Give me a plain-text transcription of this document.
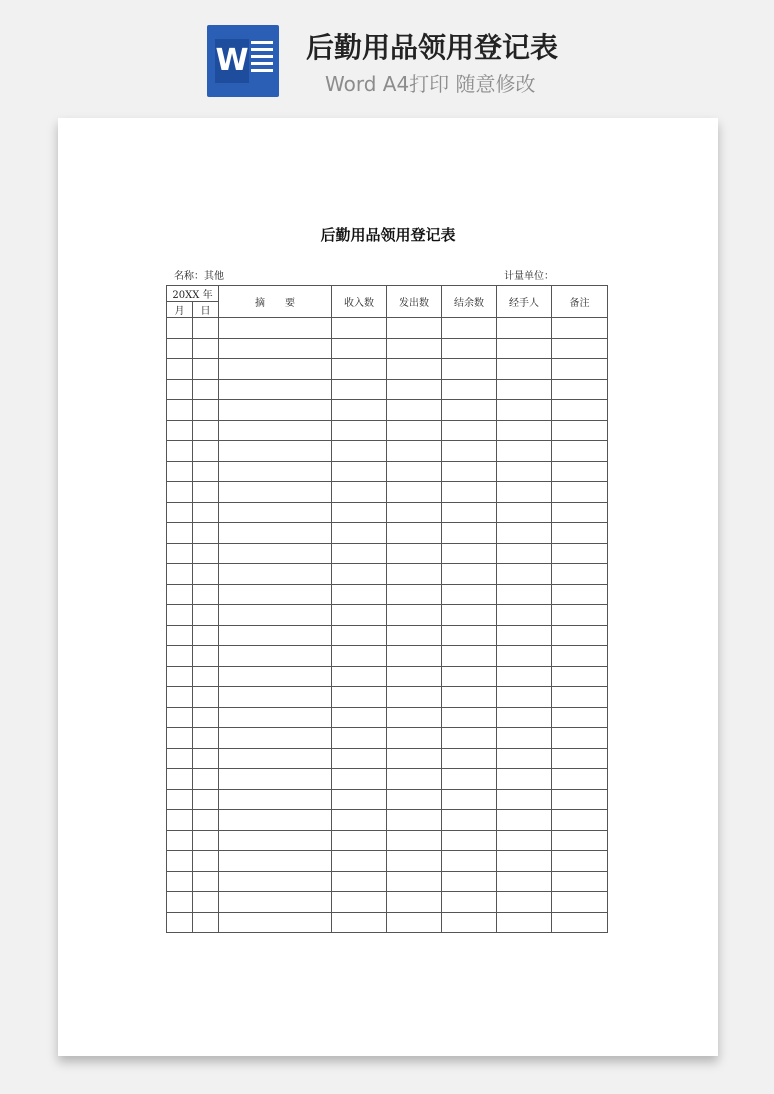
W 后勤用品领用登记表
Word A4打印 随意修改
后勤用品领用登记表
名称：其他	计量单位：
20XX 年		摘　　要	收入数	发出数	结余数	经手人	备注
月	日						
